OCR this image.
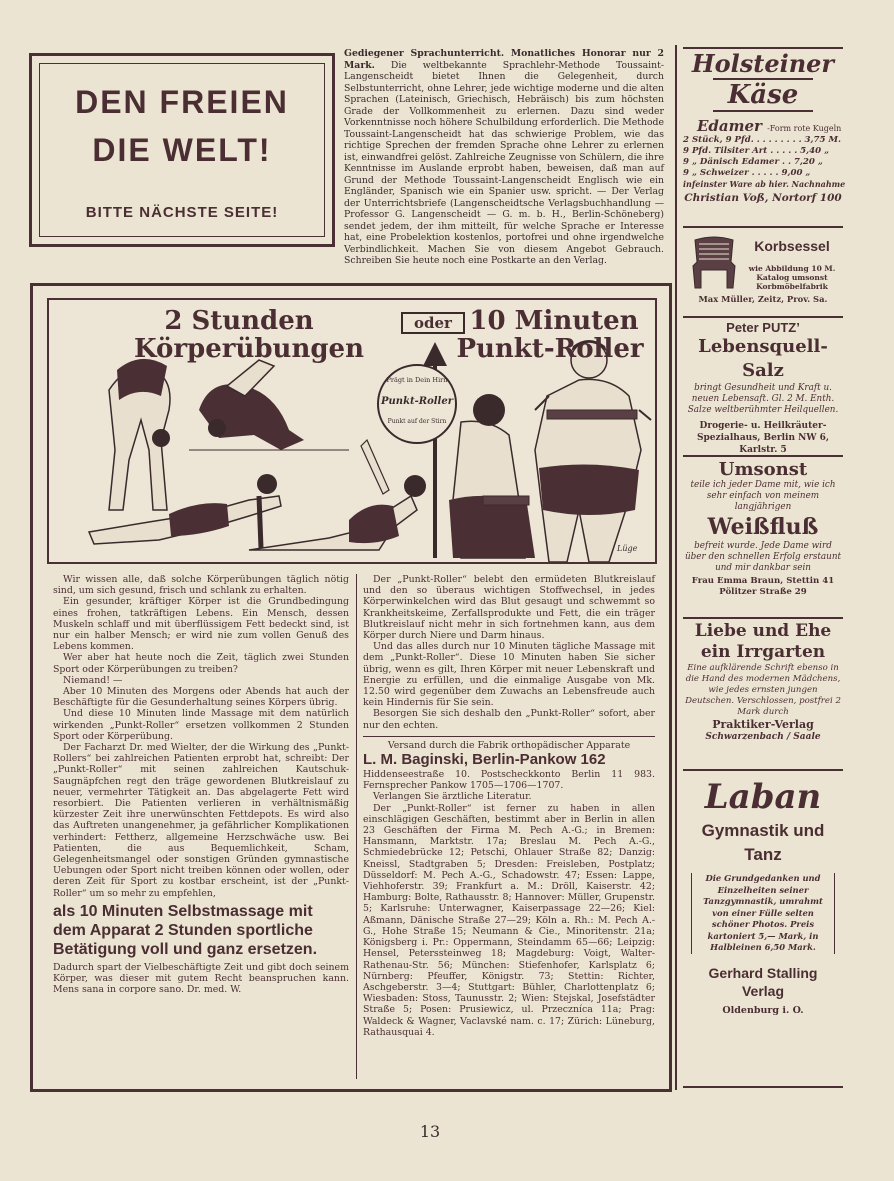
DEN FREIEN
DIE WELT!
BITTE NÄCHSTE SEITE!
Gediegener Sprachunterricht. Monatliches Honorar nur 2 Mark. Die weltbekannte Sprachlehr-Methode Toussaint-Langenscheidt bietet Ihnen die Gelegenheit, durch Selbstunterricht, ohne Lehrer, jede wichtige moderne und die alten Sprachen (Lateinisch, Griechisch, Hebräisch) bis zum höchsten Grade der Vollkommenheit zu erlernen. Dazu sind weder Vorkenntnisse noch höhere Schulbildung erforderlich. Die Methode Toussaint-Langenscheidt hat das schwierige Problem, wie das richtige Sprechen der fremden Sprache ohne Lehrer zu erlernen ist, einwandfrei gelöst. Zahlreiche Zeugnisse von Schülern, die ihre Kenntnisse im Auslande erprobt haben, beweisen, daß man auf Grund der Methode Toussaint-Langenscheidt Englisch wie ein Engländer, Spanisch wie ein Spanier usw. spricht. — Der Verlag der Unterrichtsbriefe (Langenscheidtsche Verlagsbuchhandlung — Professor G. Langenscheidt — G. m. b. H., Berlin-Schöneberg) sendet jedem, der ihm mitteilt, für welche Sprache er Interesse hat, eine Probelektion kostenlos, portofrei und ohne irgendwelche Verbindlichkeit. Machen Sie von diesem Angebot Gebrauch. Schreiben Sie heute noch eine Postkarte an den Verlag.
2 Stunden
Körperübungen
oder 10 Minuten
Punkt-Roller
Prägt in Dein Hirn
Punkt-Roller
Punkt auf der Stirn
Lüge

Wir wissen alle, daß solche Körperübungen täglich nötig sind, um sich gesund, frisch und schlank zu erhalten.

Ein gesunder, kräftiger Körper ist die Grundbedingung eines frohen, tatkräftigen Lebens. Ein Mensch, dessen Muskeln schlaff und mit überflüssigem Fett bedeckt sind, ist nur ein halber Mensch; er wird nie zum vollen Genuß des Lebens kommen.

Wer aber hat heute noch die Zeit, täglich zwei Stunden Sport oder Körperübungen zu treiben?

Niemand! —

Aber 10 Minuten des Morgens oder Abends hat auch der Beschäftigte für die Gesunderhaltung seines Körpers übrig.

Und diese 10 Minuten linde Massage mit dem natürlich wirkenden „Punkt-Roller“ ersetzen vollkommen 2 Stunden Sport oder Körperübung.

Der Facharzt Dr. med Wielter, der die Wirkung des „Punkt-Rollers“ bei zahlreichen Patienten erprobt hat, schreibt: Der „Punkt-Roller“ mit seinen zahlreichen Kautschuk-Saugnäpfchen regt den träge gewordenen Blutkreislauf zu neuer, vermehrter Tätigkeit an. Das abgelagerte Fett wird resorbiert. Die Patienten verlieren in verhältnismäßig kürzester Zeit ihre unerwünschten Fettdepots. Es wird also das Auftreten unangenehmer, ja gefährlicher Komplikationen verhindert: Fettherz, allgemeine Herzschwäche usw. Bei Patienten, die aus Bequemlichkeit, Scham, Gelegenheitsmangel oder sonstigen Gründen gymnastische Uebungen oder Sport nicht treiben können oder wollen, oder deren Zeit für Sport zu kostbar erscheint, ist der „Punkt-Roller“ um so mehr zu empfehlen,

als 10 Minuten Selbstmassage mit dem Apparat 2 Stunden sportliche Betätigung voll und ganz ersetzen.

Dadurch spart der Vielbeschäftigte Zeit und gibt doch seinem Körper, was dieser mit gutem Recht beanspruchen kann. Mens sana in corpore sano. Dr. med. W.

Der „Punkt-Roller“ belebt den ermüdeten Blutkreislauf und den so überaus wichtigen Stoffwechsel, in jedes Körperwinkelchen wird das Blut gesaugt und schwemmt so Krankheitskeime, Zerfallsprodukte und Fett, die ein träger Blutkreislauf nicht mehr in sich fortnehmen kann, aus dem Körper durch Niere und Darm hinaus.

Und das alles durch nur 10 Minuten tägliche Massage mit dem „Punkt-Roller“. Diese 10 Minuten haben Sie sicher übrig, wenn es gilt, Ihren Körper mit neuer Lebenskraft und Energie zu erfüllen, und die einmalige Ausgabe von Mk. 12.50 wird gegenüber dem Zuwachs an Lebensfreude auch kein Hindernis für Sie sein.

Besorgen Sie sich deshalb den „Punkt-Roller“ sofort, aber nur den echten.

Versand durch die Fabrik orthopädischer Apparate

L. M. Baginski, Berlin-Pankow 162

Hiddenseestraße 10. Postscheckkonto Berlin 11 983. Fernsprecher Pankow 1705—1706—1707.

Verlangen Sie ärztliche Literatur.

Der „Punkt-Roller“ ist ferner zu haben in allen einschlägigen Geschäften, bestimmt aber in Berlin in allen 23 Geschäften der Firma M. Pech A.-G.; in Bremen: Hansmann, Marktstr. 17a; Breslau M. Pech A.-G., Schmiedebrücke 12; Petschi, Ohlauer Straße 82; Danzig: Kneissl, Stadtgraben 5; Dresden: Freisleben, Postplatz; Düsseldorf: M. Pech A.-G., Schadowstr. 47; Essen: Lappe, Viehhoferstr. 39; Frankfurt a. M.: Dröll, Kaiserstr. 42; Hamburg: Bolte, Rathausstr. 8; Hannover: Müller, Grupenstr. 5; Karlsruhe: Unterwagner, Kaiserpassage 22—26; Kiel: Aßmann, Dänische Straße 27—29; Köln a. Rh.: M. Pech A.-G., Hohe Straße 15; Neumann & Cie., Minoritenstr. 21a; Königsberg i. Pr.: Oppermann, Steindamm 65—66; Leipzig: Hensel, Peterssteinweg 18; Magdeburg: Voigt, Walter-Rathenau-Str. 56; München: Stiefenhofer, Karlsplatz 6; Nürnberg: Pfeuffer, Königstr. 73; Stettin: Richter, Aschgeberstr. 3—4; Stuttgart: Bühler, Charlottenplatz 6; Wiesbaden: Stoss, Taunusstr. 2; Wien: Stejskal, Josefstädter Straße 5; Posen: Prusiewicz, ul. Przeczníca 11a; Prag: Waldeck & Wagner, Vaclavské nam. c. 17; Zürich: Lüneburg, Rathausquai 4.

Holsteiner
Käse
Edamer -Form rote Kugeln
2 Stück, 9 Pfd. . . . . . . . . 3,75 M.
9 Pfd. Tilsiter Art . . . . . 5,40 „
9 „ Dänisch Edamer . . 7,20 „
9 „ Schweizer . . . . . 9,00 „
infeinster Ware ab hier. Nachnahme
Christian Voß, Nortorf 100
Korbsessel
wie Abbildung 10 M.
Katalog umsonst
Korbmöbelfabrik
Max Müller, Zeitz, Prov. Sa.
Peter PUTZ’
Lebensquell-Salz
bringt Gesundheit und Kraft u. neuen Lebensaft. Gl. 2 M. Enth. Salze weltberühmter Heilquellen.
Drogerie- u. Heilkräuter-Spezialhaus, Berlin NW 6, Karlstr. 5
Umsonst
teile ich jeder Dame mit, wie ich sehr einfach von meinem langjährigen
Weißfluß
befreit wurde. Jede Dame wird über den schnellen Erfolg erstaunt und mir dankbar sein
Frau Emma Braun, Stettin 41 Pölitzer Straße 29
Liebe und Ehe
ein Irrgarten
Eine aufklärende Schrift ebenso in die Hand des modernen Mädchens, wie jedes ernsten jungen Deutschen. Verschlossen, postfrei 2 Mark durch
Praktiker-Verlag
Schwarzenbach / Saale
Laban
Gymnastik und
Tanz
Die Grundgedanken und Einzelheiten seiner Tanzgymnastik, umrahmt von einer Fülle selten schöner Photos. Preis kartoniert 5,— Mark, in Halbleinen 6,50 Mark.
Gerhard Stalling
Verlag
Oldenburg i. O.
13
